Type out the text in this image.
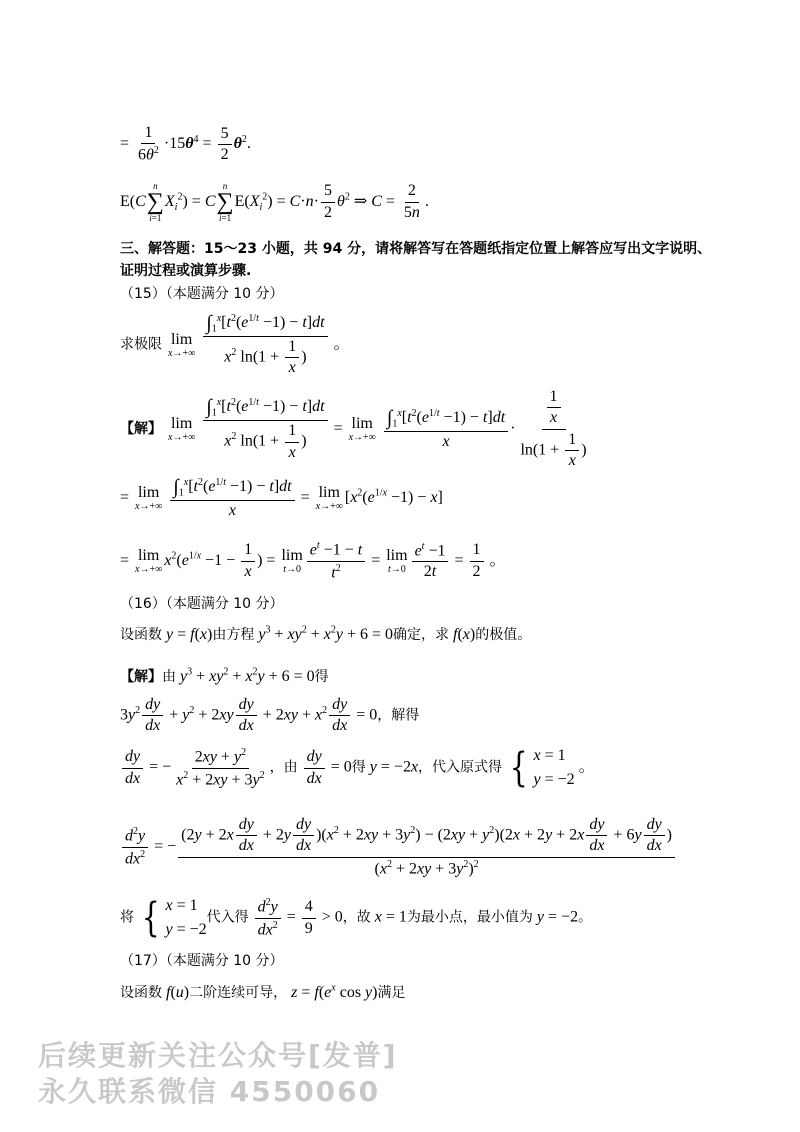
= $\frac{1}{6\theta^2} \cdot 15\theta^4 = \frac{5}{2} \theta^2$.
E(C
n
∑
i=1
$X_i^2) = C$
n
∑
i=1
$E(X_i^2) = C\cdot n\cdot \frac{5}{2} \theta^2$ ⇒ $C = \frac{2}{5n}$ .
三、解答题：15～23 小题，共 94 分，请将解答写在答题纸指定位置上解答应写出文字说明、
证明过程或演算步骤.
（15）（本题满分 10 分）
求极限 lim
x→+∞
$\frac{\int_1^x[t^2(e^{1/t} -1) - t]dt}{x^2 \ln(1 + \frac{1}{x} )}$ 。
【解】 lim
x→+∞
$\frac{\int_1^x[t^2(e^{1/t} -1) - t]dt}{x^2 \ln(1 + \frac{1}{x} )} = \lim$
x→+∞
$\frac{\int_1^x[t^2(e^{1/t} -1) - t]dt}{x} \cdot \frac{\frac{1}{x}}{\ln(1 + \frac{1}{x} )}$
= lim
x→+∞
$\frac{\int_1^x[t^2(e^{1/t} -1) - t]dt}{x} = \lim$
x→+∞
$[x^2(e^{1/x} -1) - x]$
= lim
x→+∞
$x^2(e^{1/x} -1 - \frac{1}{x}$ ) = lim
$t\to 0 \frac{e^t -1 - t}{t^2} = \lim$
$t\to 0 \frac{e^t -1}{2t} = \frac{1}{2}$ 。
（16）（本题满分 10 分）
设函数 y = f(x)由方程 $y^3 + xy^2 + x^2y + 6 = 0$确定，求 f(x)的极值。
【解】由 $y^3 + xy^2 + x^2y + 6 = 0$得
$3y^2 \frac{dy}{dx} + y^2 + 2xy \frac{dy}{dx} + 2xy + x^2 \frac{dy}{dx} = 0$，解得
$\frac{dy}{dx}$ = − $\frac{2xy + y^2}{x^2 + 2xy + 3y^2}$ ，由 $\frac{dy}{dx} = 0$得 y = −2x，代入原式得 { x = 1
y = −2
。
$\frac{d^2y}{dx^2}$ = −
$(2y + 2x \frac{dy}{dx} + 2y \frac{dy}{dx} )(x^2 + 2xy + 3y^2) - (2xy + y^2)(2x + 2y + 2x \frac{dy}{dx} + 6y \frac{dy}{dx}$ )
$(x^2 + 2xy + 3y^2)^2$
将 { x = 1
y = −2
代入得 $\frac{d^2y}{dx^2} = \frac{4}{9} > 0$，故 x = 1为最小点，最小值为 y = −2。
（17）（本题满分 10 分）
设函数 f(u)二阶连续可导， $z = f(e^x$ cos y)满足
后续更新关注公众号[发普]
永久联系微信 4550060
